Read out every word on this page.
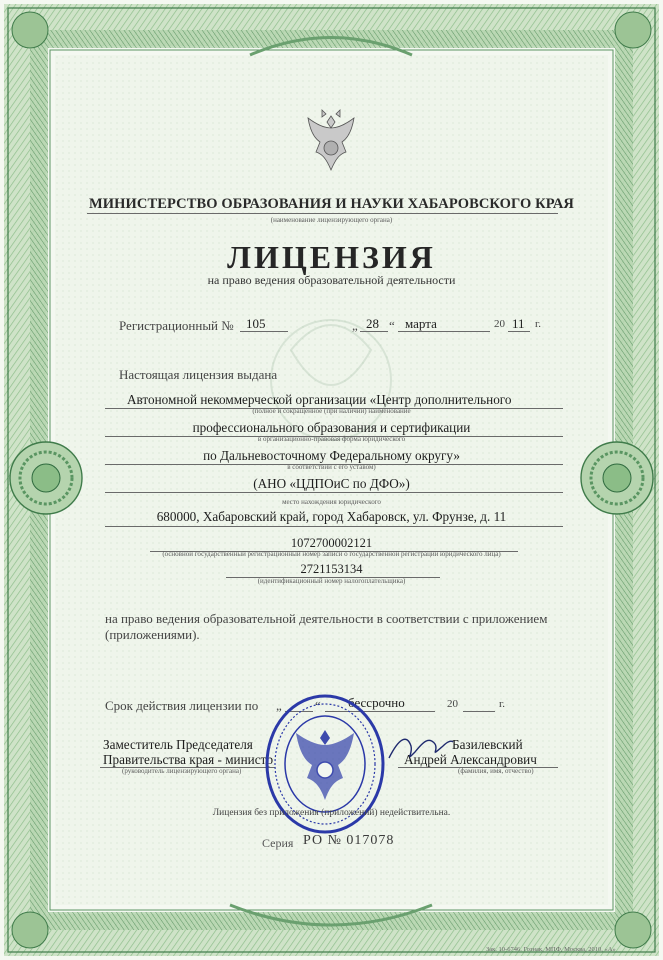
МИНИСТЕРСТВО ОБРАЗОВАНИЯ И НАУКИ ХАБАРОВСКОГО КРАЯ
(наименование лицензирующего органа)
ЛИЦЕНЗИЯ
на право ведения образовательной деятельности
Регистрационный № 105	„ 28 “ марта	20 11 г.
Настоящая лицензия выдана
Автономной некоммерческой организации «Центр дополнительного
(полное и сокращенное (при наличии) наименование
профессионального образования и сертификации
в организационно-правовая форма юридического
по Дальневосточному Федеральному округу»
в соответствии с его уставом)
(АНО «ЦДПОиС по ДФО»)
680000, Хабаровский край, город Хабаровск, ул. Фрунзе, д. 11
место нахождения юридического
1072700002121
(основной государственный регистрационный номер записи о государственной регистрации юридического лица)
2721153134
(идентификационный номер налогоплательщика)
на право ведения образовательной деятельности в соответствии с приложением
(приложениями).
Срок действия лицензии по „	“ бессрочно	20	г.
Заместитель Председателя
Правительства края - министр
(руководитель лицензирующего органа)
Базилевский
Андрей Александрович
(фамилия, имя, отчество)
Лицензия без приложения (приложений) недействительна.
Серия РО № 017078
Зак. 10-6746. Гознак, МПФ, Москва, 2010, «А»
